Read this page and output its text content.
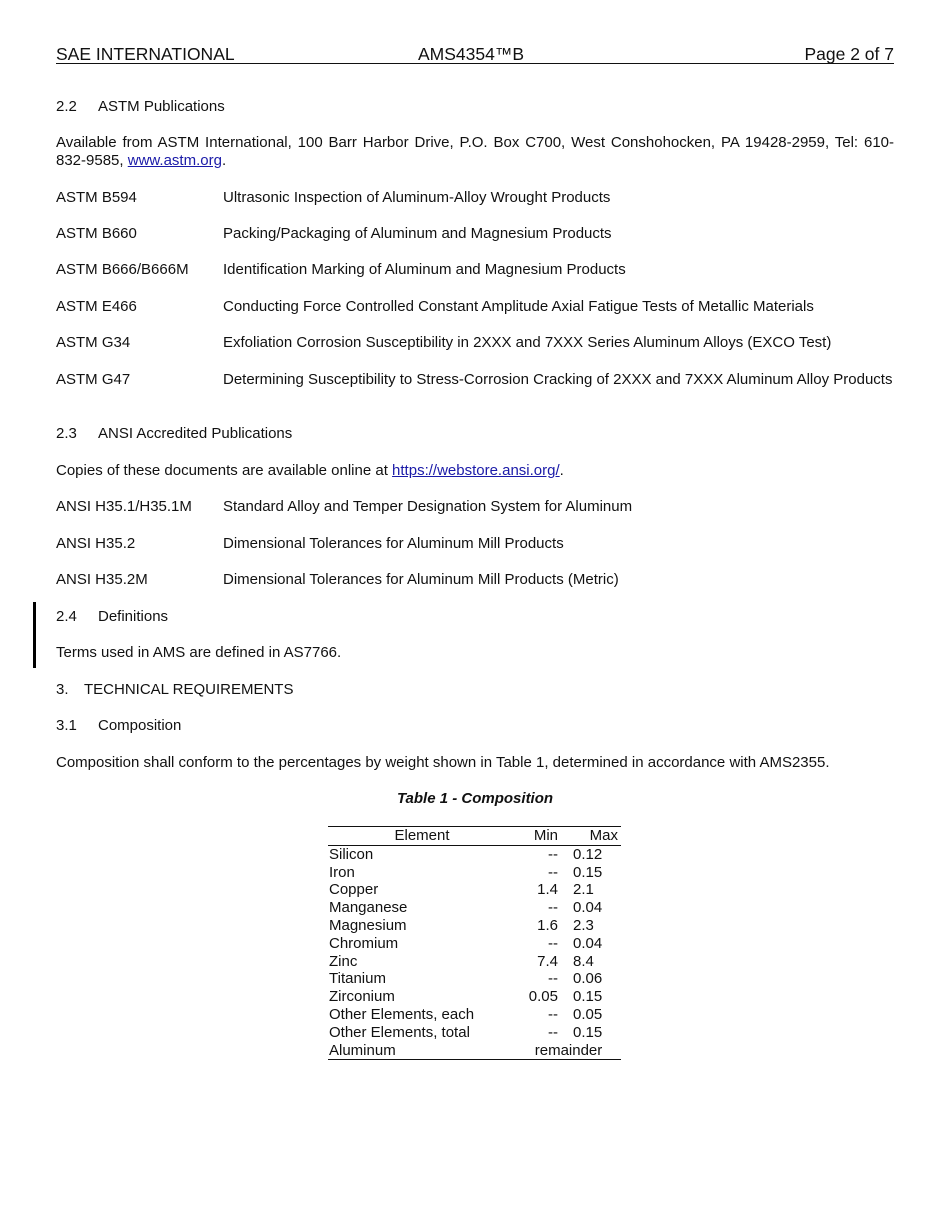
SAE INTERNATIONAL	AMS4354™B	Page 2 of 7
2.2 ASTM Publications
Available from ASTM International, 100 Barr Harbor Drive, P.O. Box C700, West Conshohocken, PA 19428-2959, Tel: 610-832-9585, www.astm.org.
ASTM B594	Ultrasonic Inspection of Aluminum-Alloy Wrought Products
ASTM B660	Packing/Packaging of Aluminum and Magnesium Products
ASTM B666/B666M Identification Marking of Aluminum and Magnesium Products
ASTM E466	Conducting Force Controlled Constant Amplitude Axial Fatigue Tests of Metallic Materials
ASTM G34	Exfoliation Corrosion Susceptibility in 2XXX and 7XXX Series Aluminum Alloys (EXCO Test)
ASTM G47	Determining Susceptibility to Stress-Corrosion Cracking of 2XXX and 7XXX Aluminum Alloy Products
2.3 ANSI Accredited Publications
Copies of these documents are available online at https://webstore.ansi.org/.
ANSI H35.1/H35.1M Standard Alloy and Temper Designation System for Aluminum
ANSI H35.2	Dimensional Tolerances for Aluminum Mill Products
ANSI H35.2M	Dimensional Tolerances for Aluminum Mill Products (Metric)
2.4 Definitions
Terms used in AMS are defined in AS7766.
3. TECHNICAL REQUIREMENTS
3.1 Composition
Composition shall conform to the percentages by weight shown in Table 1, determined in accordance with AMS2355.
Table 1 - Composition
Element	Min	Max
Silicon	--	0.12
Iron	--	0.15
Copper	1.4	2.1
Manganese	--	0.04
Magnesium	1.6	2.3
Chromium	--	0.04
Zinc	7.4	8.4
Titanium	--	0.06
Zirconium	0.05	0.15
Other Elements, each	--	0.05
Other Elements, total	--	0.15
Aluminum	remainder	
